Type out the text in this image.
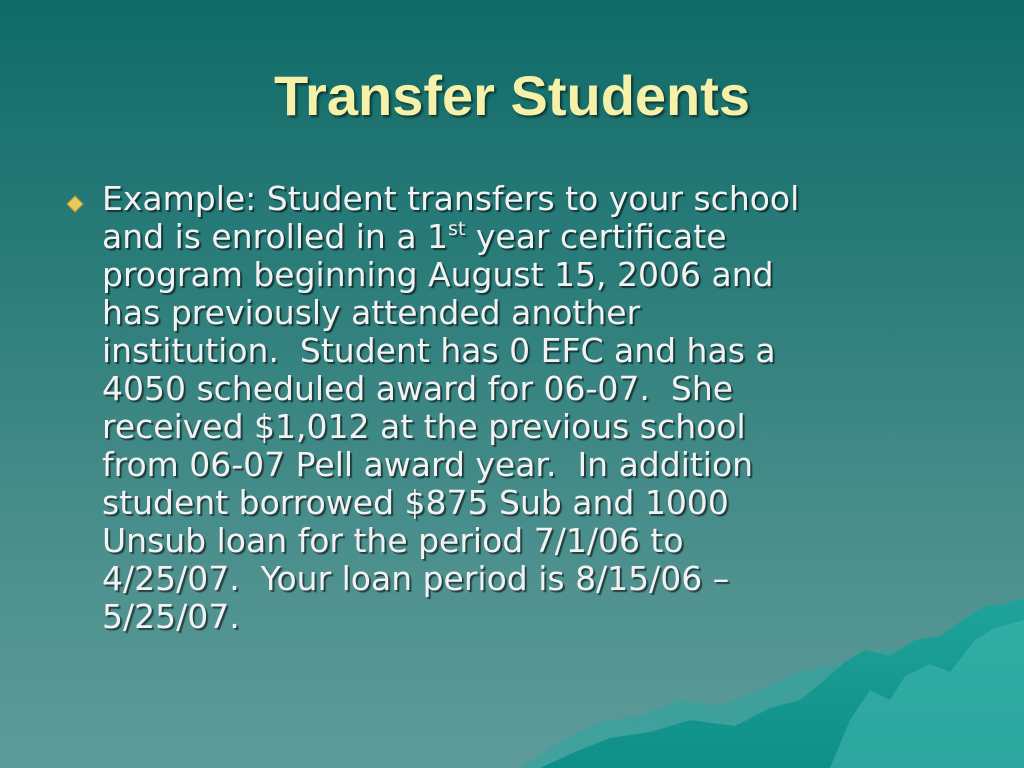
Transfer Students

Example: Student transfers to your school
and is enrolled in a 1st year certificate
program beginning August 15, 2006 and
has previously attended another
institution.  Student has 0 EFC and has a
4050 scheduled award for 06-07.  She
received $1,012 at the previous school
from 06-07 Pell award year.  In addition
student borrowed $875 Sub and 1000
Unsub loan for the period 7/1/06 to
4/25/07.  Your loan period is 8/15/06 –
5/25/07.
